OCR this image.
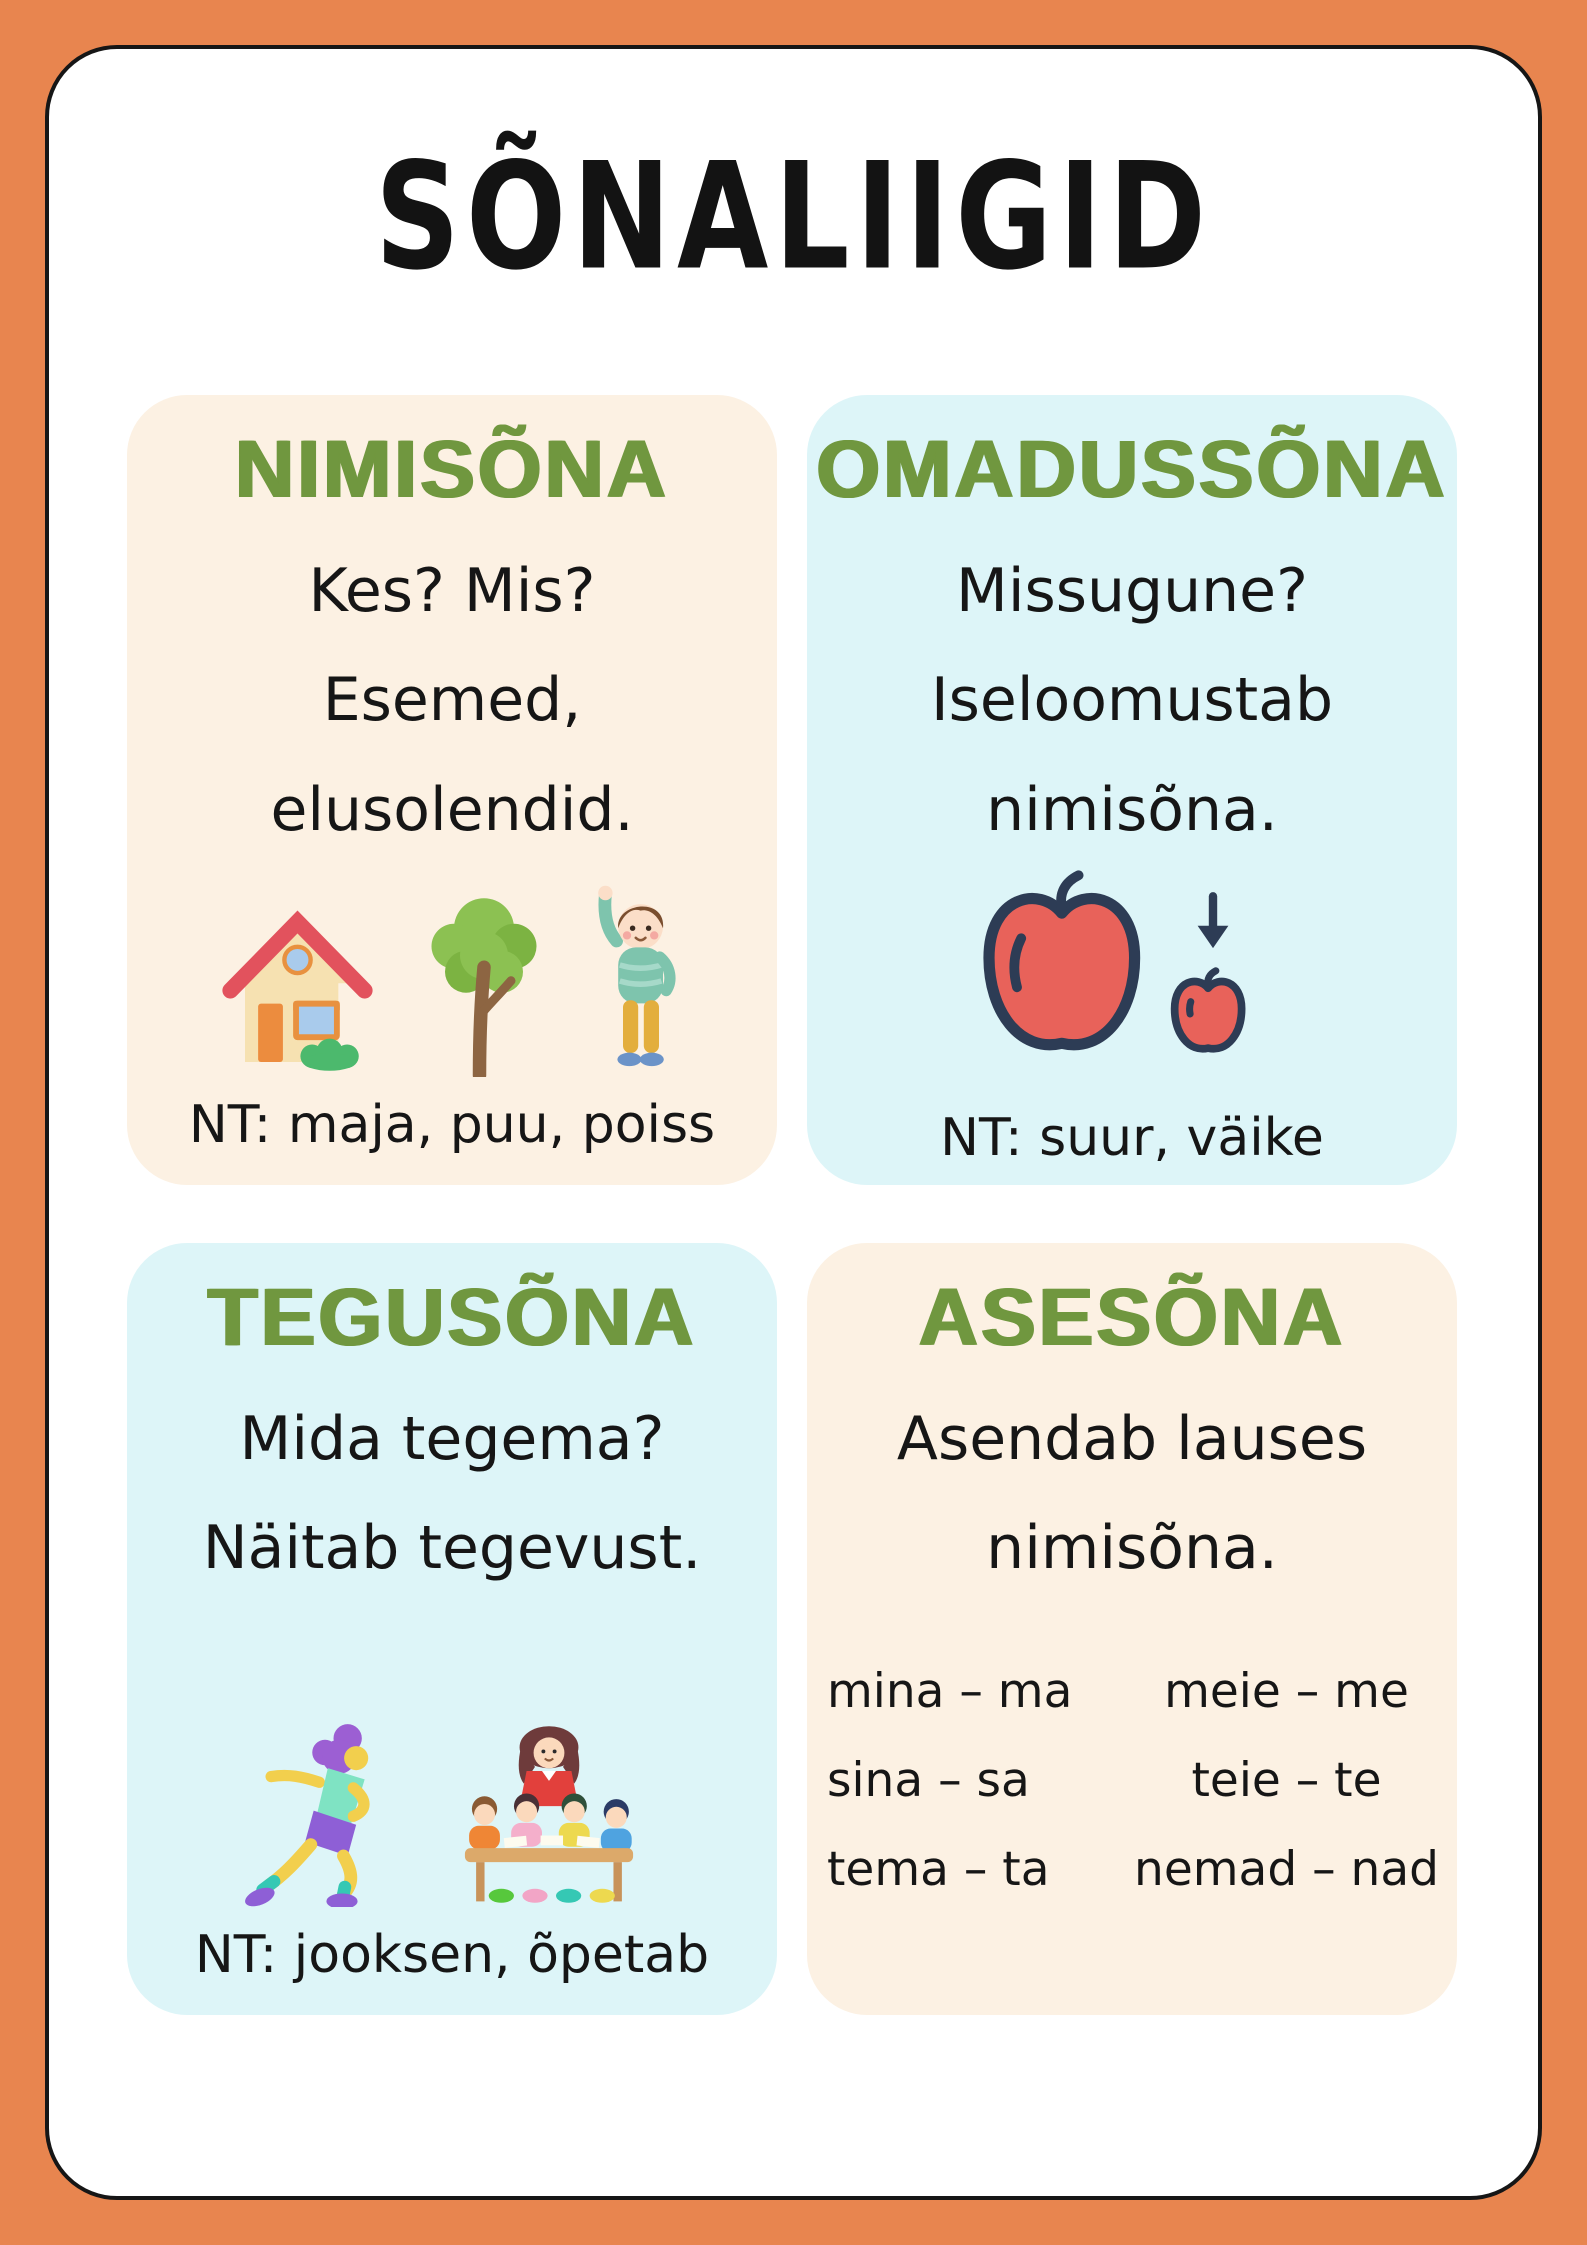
SÕNALIIGID
NIMISÕNA
Kes? Mis?
Esemed,
elusolendid.
NT: maja, puu, poiss
OMADUSSÕNA
Missugune?
Iseloomustab
nimisõna.
NT: suur, väike
TEGUSÕNA
Mida tegema?
Näitab tegevust.
NT: jooksen, õpetab
ASESÕNA
Asendab lauses
nimisõna.
mina – ma	meie – me
sina – sa	teie – te
tema – ta	nemad – nad
